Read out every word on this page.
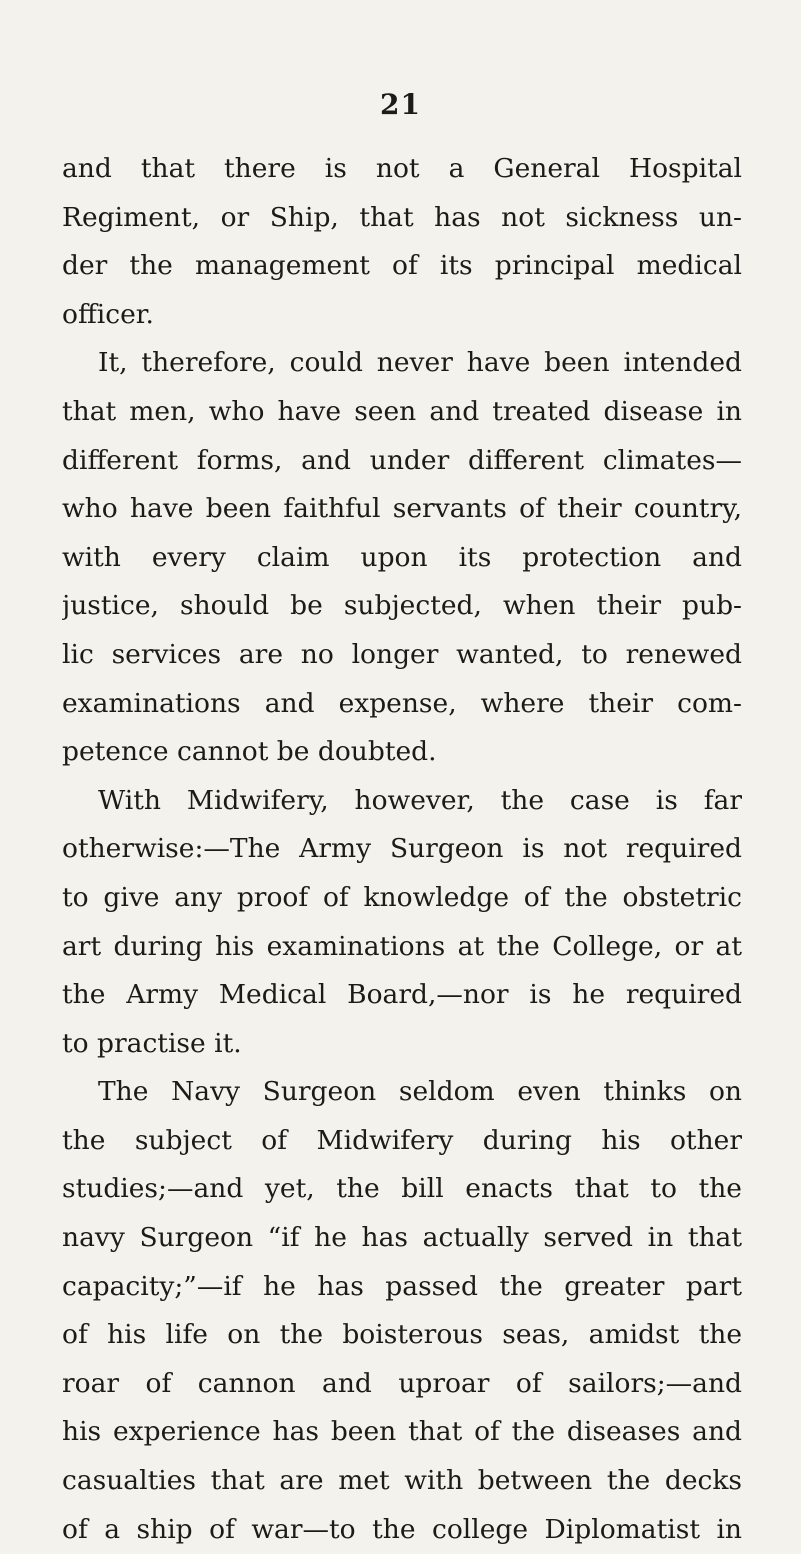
21
and that there is not a General Hospital
Regiment, or Ship, that has not sickness un-
der the management of its principal medical
officer.
It, therefore, could never have been intended
that men, who have seen and treated disease in
different forms, and under different climates—
who have been faithful servants of their country,
with every claim upon its protection and
justice, should be subjected, when their pub-
lic services are no longer wanted, to renewed
examinations and expense, where their com-
petence cannot be doubted.
With Midwifery, however, the case is far
otherwise:—The Army Surgeon is not required
to give any proof of knowledge of the obstetric
art during his examinations at the College, or at
the Army Medical Board,—nor is he required
to practise it.
The Navy Surgeon seldom even thinks on
the subject of Midwifery during his other
studies;—and yet, the bill enacts that to the
navy Surgeon “if he has actually served in that
capacity;”—if he has passed the greater part
of his life on the boisterous seas, amidst the
roar of cannon and uproar of sailors;—and
his experience has been that of the diseases and
casualties that are met with between the decks
of a ship of war—to the college Diplomatist in
